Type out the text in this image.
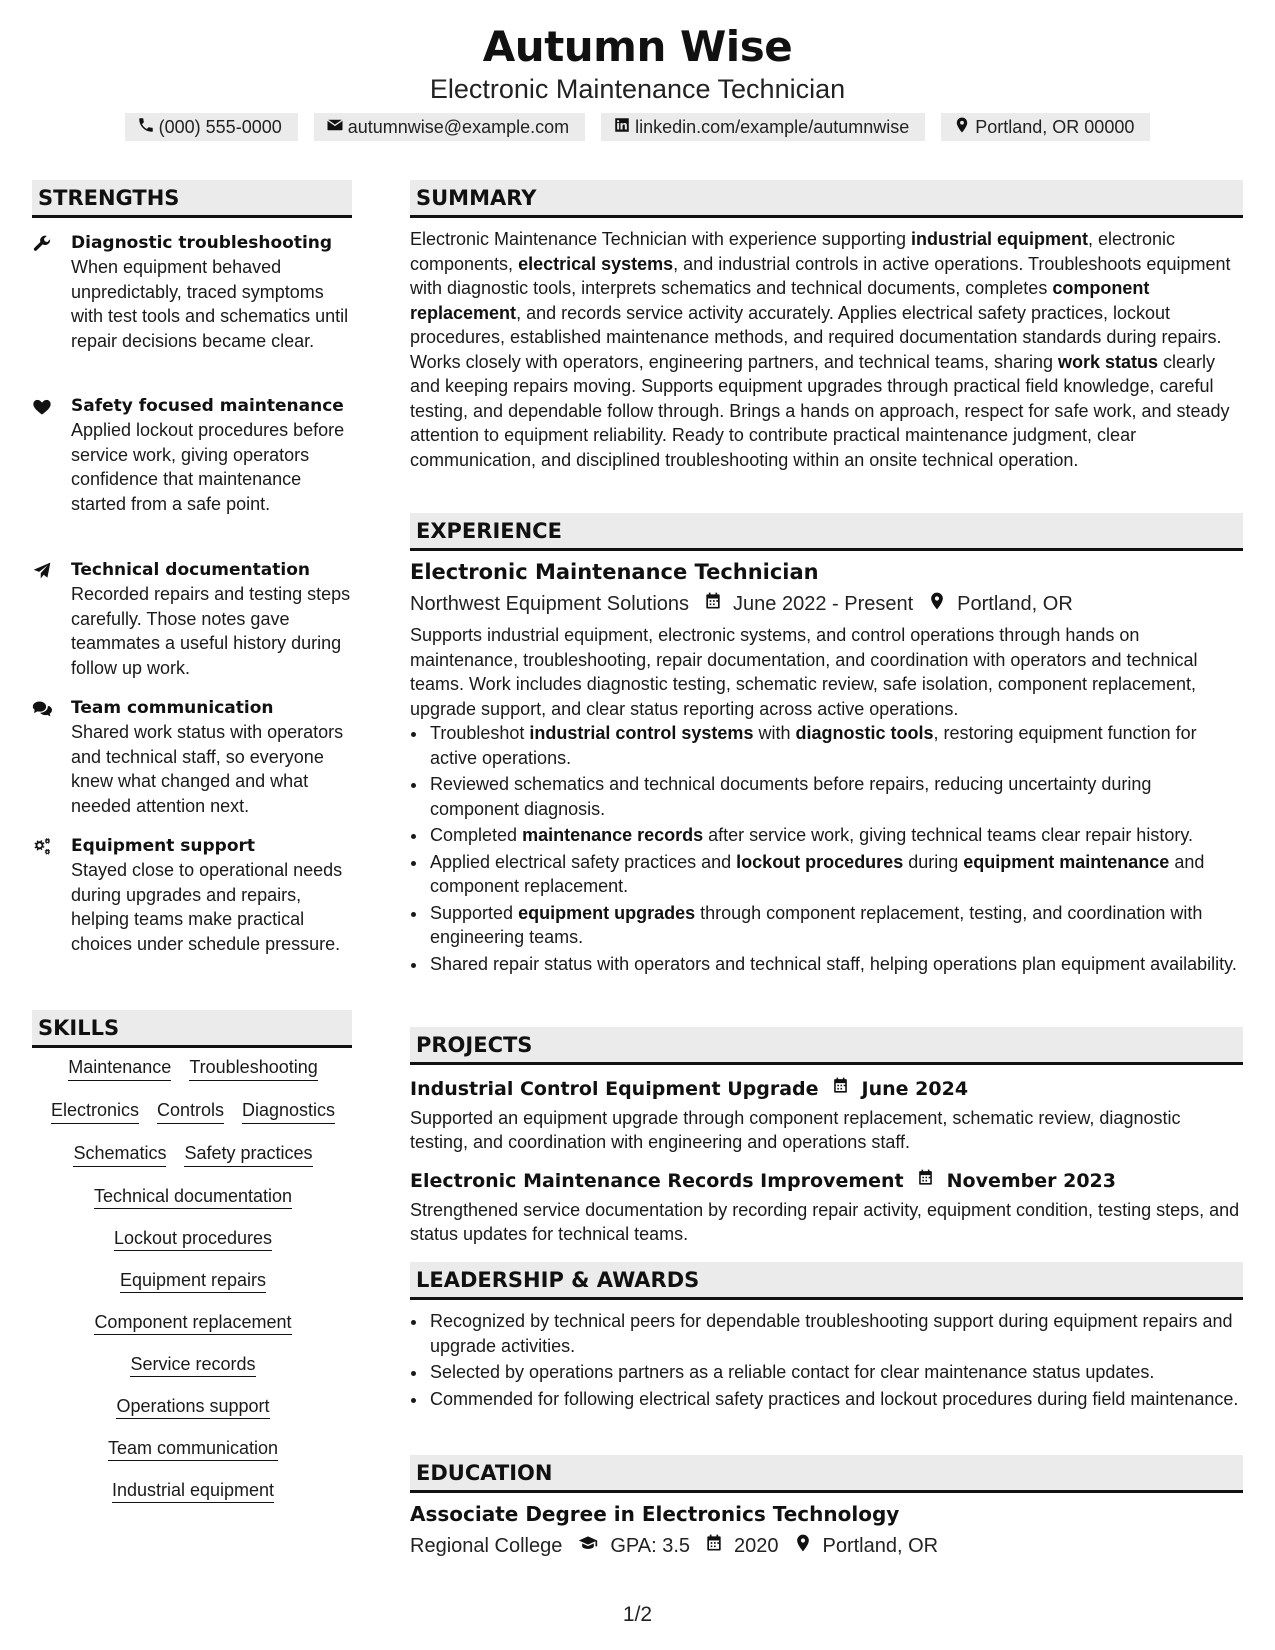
Autumn Wise
Electronic Maintenance Technician
(000) 555-0000	autumnwise@example.com	linkedin.com/example/autumnwise	Portland, OR 00000
STRENGTHS
Diagnostic troubleshooting
When equipment behaved unpredictably, traced symptoms with test tools and schematics until repair decisions became clear.
Safety focused maintenance
Applied lockout procedures before service work, giving operators confidence that maintenance started from a safe point.
Technical documentation
Recorded repairs and testing steps carefully. Those notes gave teammates a useful history during follow up work.
Team communication
Shared work status with operators and technical staff, so everyone knew what changed and what needed attention next.
Equipment support
Stayed close to operational needs during upgrades and repairs, helping teams make practical choices under schedule pressure.
SKILLS
Maintenance Troubleshooting
Electronics Controls Diagnostics
Schematics Safety practices
Technical documentation
Lockout procedures
Equipment repairs
Component replacement
Service records
Operations support
Team communication
Industrial equipment
SUMMARY
Electronic Maintenance Technician with experience supporting industrial equipment, electronic components, electrical systems, and industrial controls in active operations. Troubleshoots equipment with diagnostic tools, interprets schematics and technical documents, completes component replacement, and records service activity accurately. Applies electrical safety practices, lockout procedures, established maintenance methods, and required documentation standards during repairs. Works closely with operators, engineering partners, and technical teams, sharing work status clearly and keeping repairs moving. Supports equipment upgrades through practical field knowledge, careful testing, and dependable follow through. Brings a hands on approach, respect for safe work, and steady attention to equipment reliability. Ready to contribute practical maintenance judgment, clear communication, and disciplined troubleshooting within an onsite technical operation.
EXPERIENCE
Electronic Maintenance Technician
Northwest Equipment Solutions June 2022 - Present Portland, OR
Supports industrial equipment, electronic systems, and control operations through hands on maintenance, troubleshooting, repair documentation, and coordination with operators and technical teams. Work includes diagnostic testing, schematic review, safe isolation, component replacement, upgrade support, and clear status reporting across active operations.
• Troubleshot industrial control systems with diagnostic tools, restoring equipment function for active operations.
• Reviewed schematics and technical documents before repairs, reducing uncertainty during component diagnosis.
• Completed maintenance records after service work, giving technical teams clear repair history.
• Applied electrical safety practices and lockout procedures during equipment maintenance and component replacement.
• Supported equipment upgrades through component replacement, testing, and coordination with engineering teams.
• Shared repair status with operators and technical staff, helping operations plan equipment availability.
PROJECTS
Industrial Control Equipment Upgrade June 2024
Supported an equipment upgrade through component replacement, schematic review, diagnostic testing, and coordination with engineering and operations staff.
Electronic Maintenance Records Improvement November 2023
Strengthened service documentation by recording repair activity, equipment condition, testing steps, and status updates for technical teams.
LEADERSHIP & AWARDS
• Recognized by technical peers for dependable troubleshooting support during equipment repairs and upgrade activities.
• Selected by operations partners as a reliable contact for clear maintenance status updates.
• Commended for following electrical safety practices and lockout procedures during field maintenance.
EDUCATION
Associate Degree in Electronics Technology
Regional College GPA: 3.5 2020 Portland, OR
1/2
